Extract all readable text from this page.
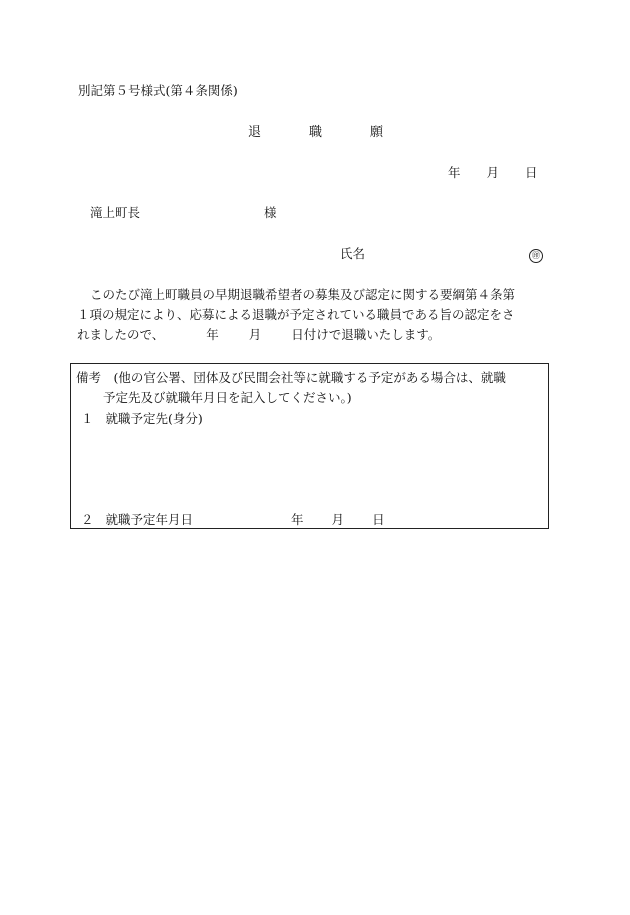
別記第５号様式(第４条関係)
退	職	願
年 月 日
滝上町長	様
氏名	㊞
このたび滝上町職員の早期退職希望者の募集及び認定に関する要綱第４条第
１項の規定により、応募による退職が予定されている職員である旨の認定をさ
れましたので、	年 月 日付けで退職いたします。
備考　(他の官公署、団体及び民間会社等に就職する予定がある場合は、就職
予定先及び就職年月日を記入してください。)
１ 就職予定先(身分)
２ 就職予定年月日	年 月 日
